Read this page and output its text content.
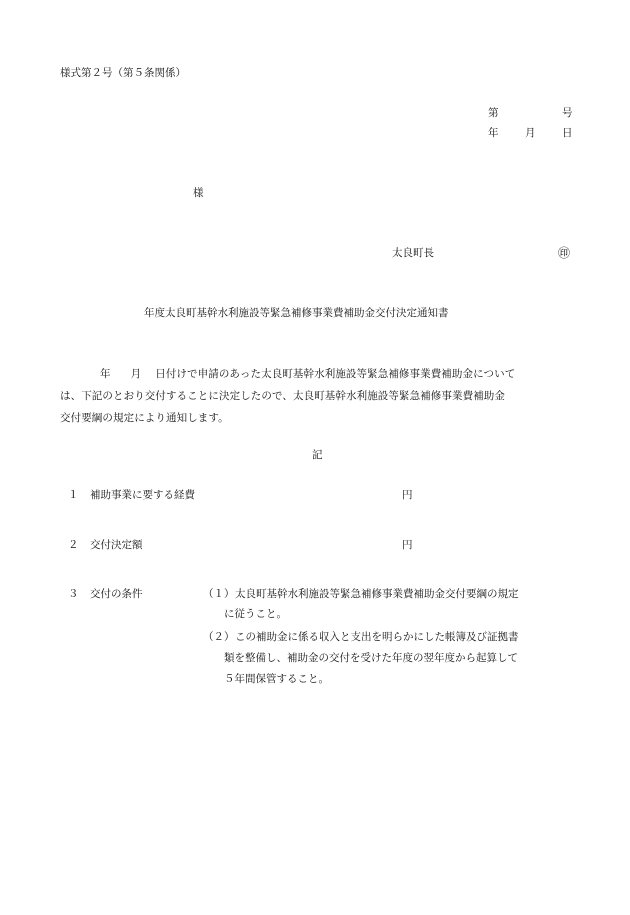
様式第２号（第５条関係）
第	号
年	月	日
様
太良町長	㊞
年度太良町基幹水利施設等緊急補修事業費補助金交付決定通知書
年 月 日付けで申請のあった太良町基幹水利施設等緊急補修事業費補助金について
は、下記のとおり交付することに決定したので、太良町基幹水利施設等緊急補修事業費補助金
交付要綱の規定により通知します。
記
１ 補助事業に要する経費	円
２ 交付決定額	円
３ 交付の条件	（１） 太良町基幹水利施設等緊急補修事業費補助金交付要綱の規定
に従うこと。
（２） この補助金に係る収入と支出を明らかにした帳簿及び証拠書
類を整備し、補助金の交付を受けた年度の翌年度から起算して
５年間保管すること。
